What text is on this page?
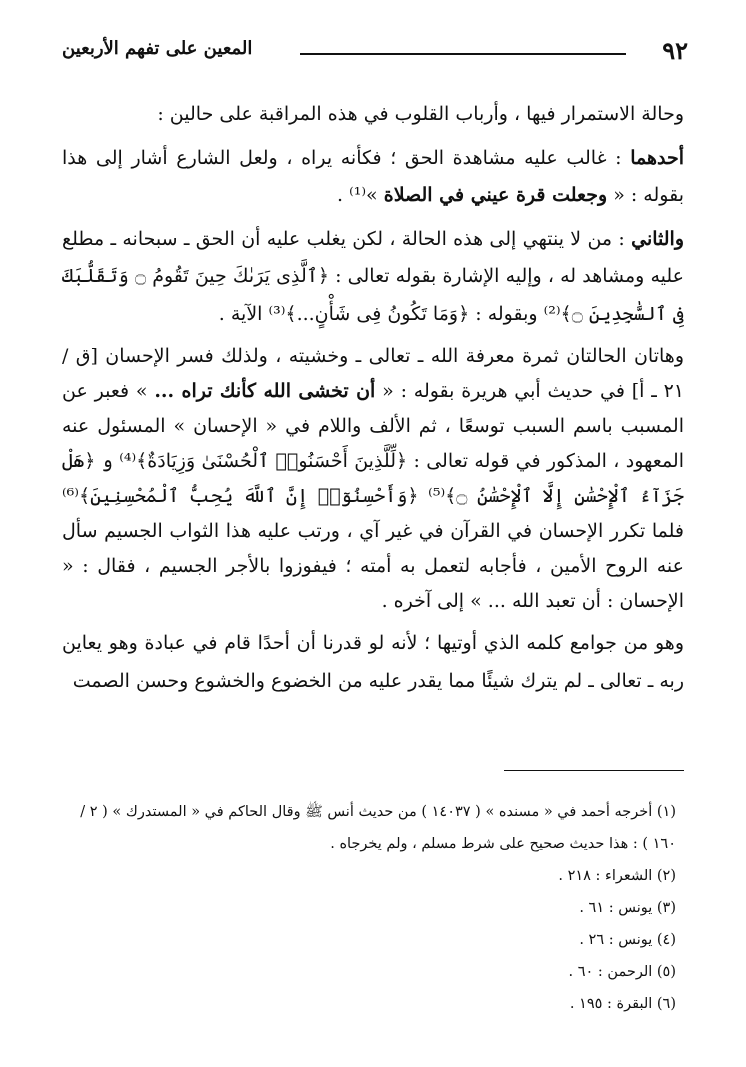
٩٢
المعين على تفهم الأربعين

وحالة الاستمرار فيها ، وأرباب القلوب في هذه المراقبة على حالين :

أحدهما : غالب عليه مشاهدة الحق ؛ فكأنه يراه ، ولعل الشارع أشار إلى هذا بقوله : « وجعلت قرة عيني في الصلاة »⁽¹⁾ .

والثاني : من لا ينتهي إلى هذه الحالة ، لكن يغلب عليه أن الحق ـ سبحانه ـ مطلع عليه ومشاهد له ، وإليه الإشارة بقوله تعالى : ﴿ٱلَّذِى يَرَىٰكَ حِينَ تَقُومُ ۝ وَتَقَلُّبَكَ فِى ٱلسَّٰجِدِينَ ۝﴾⁽²⁾ وبقوله : ﴿وَمَا تَكُونُ فِى شَأْنٍ...﴾⁽³⁾ الآية .

وهاتان الحالتان ثمرة معرفة الله ـ تعالى ـ وخشيته ، ولذلك فسر الإحسان [ق / ٢١ ـ أ] في حديث أبي هريرة بقوله : « أن تخشى الله كأنك تراه ... » فعبر عن المسبب باسم السبب توسعًا ، ثم الألف واللام في « الإحسان » المسئول عنه المعهود ، المذكور في قوله تعالى : ﴿لِّلَّذِينَ أَحْسَنُوا۟ ٱلْحُسْنَىٰ وَزِيَادَةٌ﴾⁽⁴⁾ و ﴿هَلْ جَزَآءُ ٱلْإِحْسَٰنِ إِلَّا ٱلْإِحْسَٰنُ ۝﴾⁽⁵⁾ ﴿وَأَحْسِنُوٓا۟ إِنَّ ٱللَّهَ يُحِبُّ ٱلْمُحْسِنِينَ﴾⁽⁶⁾ فلما تكرر الإحسان في القرآن في غير آي ، ورتب عليه هذا الثواب الجسيم سأل عنه الروح الأمين ، فأجابه لتعمل به أمته ؛ فيفوزوا بالأجر الجسيم ، فقال : « الإحسان : أن تعبد الله ... » إلى آخره .

وهو من جوامع كلمه الذي أوتيها ؛ لأنه لو قدرنا أن أحدًا قام في عبادة وهو يعاين ربه ـ تعالى ـ لم يترك شيئًا مما يقدر عليه من الخضوع والخشوع وحسن الصمت

(١) أخرجه أحمد في « مسنده » ( ١٤٠٣٧ ) من حديث أنس ﷺ وقال الحاكم في « المستدرك » ( ٢ / ١٦٠ ) : هذا حديث صحيح على شرط مسلم ، ولم يخرجاه .

(٢) الشعراء : ٢١٨ .

(٣) يونس : ٦١ .

(٤) يونس : ٢٦ .

(٥) الرحمن : ٦٠ .

(٦) البقرة : ١٩٥ .
